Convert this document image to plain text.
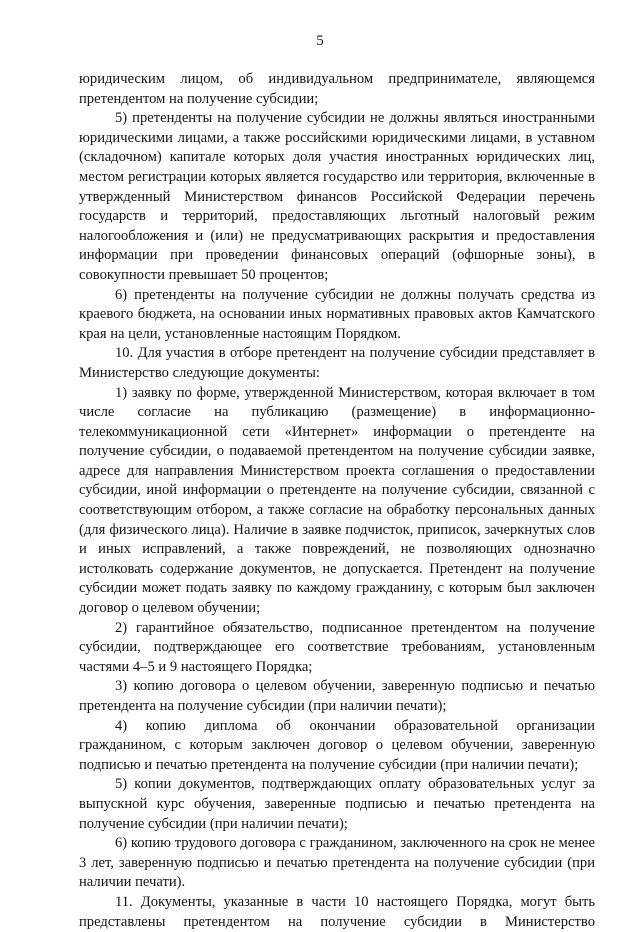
5

юридическим лицом, об индивидуальном предпринимателе, являющемся претендентом на получение субсидии;

5) претенденты на получение субсидии не должны являться иностранными юридическими лицами, а также российскими юридическими лицами, в уставном (складочном) капитале которых доля участия иностранных юридических лиц, местом регистрации которых является государство или территория, включенные в утвержденный Министерством финансов Российской Федерации перечень государств и территорий, предоставляющих льготный налоговый режим налогообложения и (или) не предусматривающих раскрытия и предоставления информации при проведении финансовых операций (офшорные зоны), в совокупности превышает 50 процентов;

6) претенденты на получение субсидии не должны получать средства из краевого бюджета, на основании иных нормативных правовых актов Камчатского края на цели, установленные настоящим Порядком.

10. Для участия в отборе претендент на получение субсидии представляет в Министерство следующие документы:

1) заявку по форме, утвержденной Министерством, которая включает в том числе согласие на публикацию (размещение) в информационно-телекоммуникационной сети «Интернет» информации о претенденте на получение субсидии, о подаваемой претендентом на получение субсидии заявке, адресе для направления Министерством проекта соглашения о предоставлении субсидии, иной информации о претенденте на получение субсидии, связанной с соответствующим отбором, а также согласие на обработку персональных данных (для физического лица). Наличие в заявке подчисток, приписок, зачеркнутых слов и иных исправлений, а также повреждений, не позволяющих однозначно истолковать содержание документов, не допускается. Претендент на получение субсидии может подать заявку по каждому гражданину, с которым был заключен договор о целевом обучении;

2) гарантийное обязательство, подписанное претендентом на получение субсидии, подтверждающее его соответствие требованиям, установленным частями 4–5 и 9 настоящего Порядка;

3) копию договора о целевом обучении, заверенную подписью и печатью претендента на получение субсидии (при наличии печати);

4) копию диплома об окончании образовательной организации гражданином, с которым заключен договор о целевом обучении, заверенную подписью и печатью претендента на получение субсидии (при наличии печати);

5) копии документов, подтверждающих оплату образовательных услуг за выпускной курс обучения, заверенные подписью и печатью претендента на получение субсидии (при наличии печати);

6) копию трудового договора с гражданином, заключенного на срок не менее 3 лет, заверенную подписью и печатью претендента на получение субсидии (при наличии печати).

11. Документы, указанные в части 10 настоящего Порядка, могут быть представлены претендентом на получение субсидии в Министерство
